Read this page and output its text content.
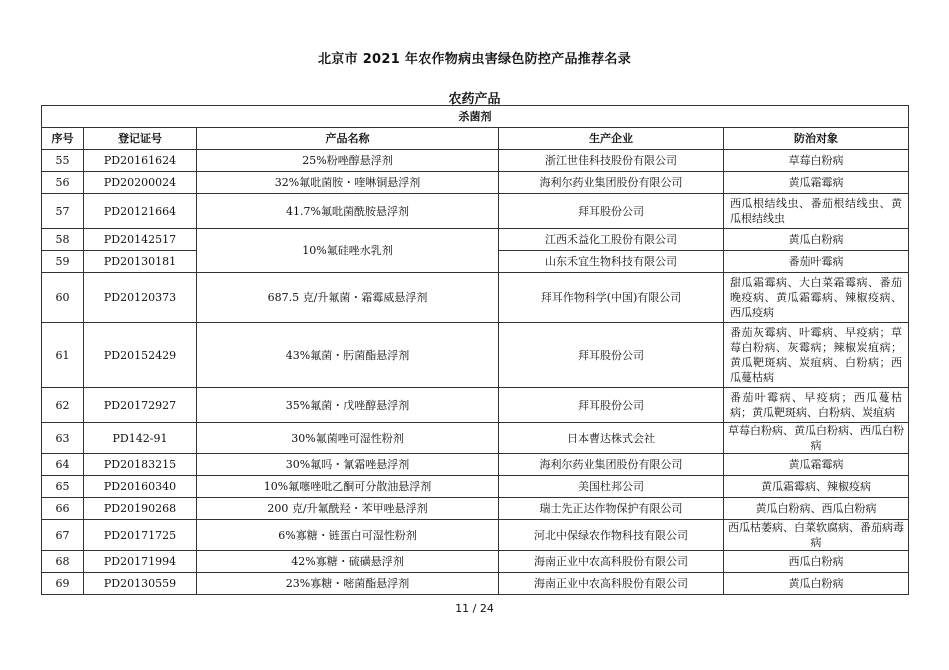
北京市 2021 年农作物病虫害绿色防控产品推荐名录
农药产品
杀菌剂				
序号	登记证号	产品名称	生产企业	防治对象
55	PD20161624	25%粉唑醇悬浮剂	浙江世佳科技股份有限公司	草莓白粉病
56	PD20200024	32%氟吡菌胺・喹啉铜悬浮剂	海利尔药业集团股份有限公司	黄瓜霜霉病
57	PD20121664	41.7%氟吡菌酰胺悬浮剂	拜耳股份公司	西瓜根结线虫、番茄根结线虫、黄瓜根结线虫
58	PD20142517	10%氟硅唑水乳剂	江西禾益化工股份有限公司	黄瓜白粉病
59	PD20130181		山东禾宜生物科技有限公司	番茄叶霉病
60	PD20120373	687.5 克/升氟菌・霜霉威悬浮剂	拜耳作物科学(中国)有限公司	甜瓜霜霉病、大白菜霜霉病、番茄晚疫病、黄瓜霜霉病、辣椒疫病、西瓜疫病
61	PD20152429	43%氟菌・肟菌酯悬浮剂	拜耳股份公司	番茄灰霉病、叶霉病、早疫病；草莓白粉病、灰霉病；辣椒炭疽病；黄瓜靶斑病、炭疽病、白粉病；西瓜蔓枯病
62	PD20172927	35%氟菌・戊唑醇悬浮剂	拜耳股份公司	番茄叶霉病、早疫病；西瓜蔓枯病；黄瓜靶斑病、白粉病、炭疽病
63	PD142-91	30%氟菌唑可湿性粉剂	日本曹达株式会社	草莓白粉病、黄瓜白粉病、西瓜白粉病
64	PD20183215	30%氟吗・氰霜唑悬浮剂	海利尔药业集团股份有限公司	黄瓜霜霉病
65	PD20160340	10%氟噻唑吡乙酮可分散油悬浮剂	美国杜邦公司	黄瓜霜霉病、辣椒疫病
66	PD20190268	200 克/升氟酰羟・苯甲唑悬浮剂	瑞士先正达作物保护有限公司	黄瓜白粉病、西瓜白粉病
67	PD20171725	6%寡糖・链蛋白可湿性粉剂	河北中保绿农作物科技有限公司	西瓜枯萎病、白菜软腐病、番茄病毒病
68	PD20171994	42%寡糖・硫磺悬浮剂	海南正业中农高科股份有限公司	西瓜白粉病
69	PD20130559	23%寡糖・嘧菌酯悬浮剂	海南正业中农高科股份有限公司	黄瓜白粉病
11 / 24
